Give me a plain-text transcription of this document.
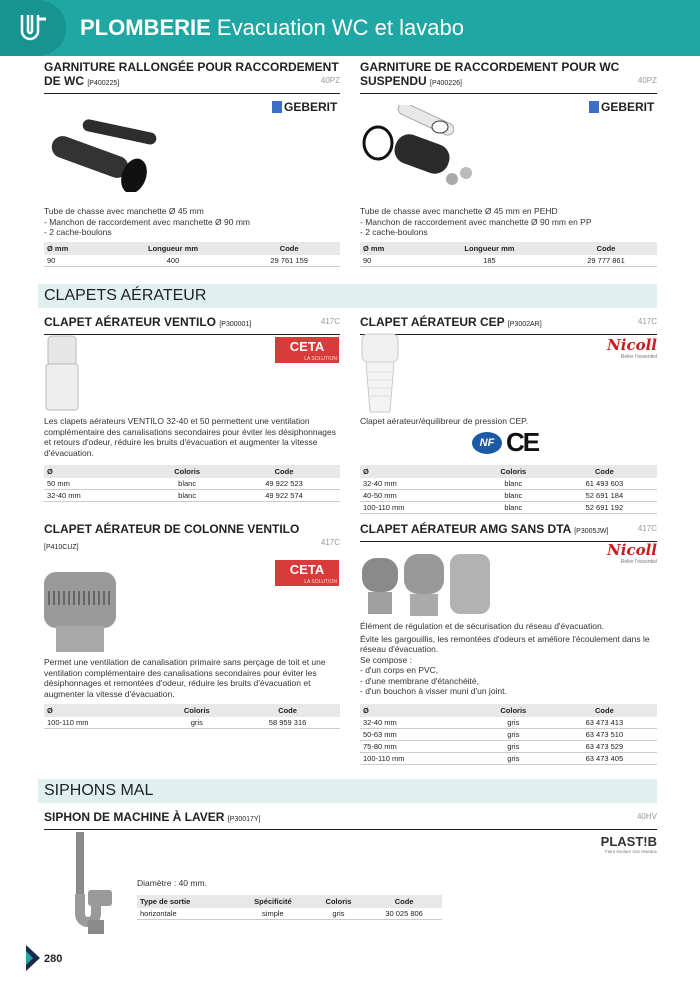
PLOMBERIE Evacuation WC et lavabo
GARNITURE RALLONGÉE POUR RACCORDEMENT DE WC [P400225]	40PZ
GEBERIT
Tube de chasse avec manchette Ø 45 mm
- Manchon de raccordement avec manchette Ø 90 mm
- 2 cache-boulons
Ø mm	Longueur mm	Code
90	400	29 761 159
GARNITURE DE RACCORDEMENT POUR WC SUSPENDU [P400226]	40PZ
GEBERIT
Tube de chasse avec manchette Ø 45 mm en PEHD
- Manchon de raccordement avec manchette Ø 90 mm en PP
- 2 cache-boulons
Ø mm	Longueur mm	Code
90	185	29 777 861
CLAPETS AÉRATEUR
CLAPET AÉRATEUR VENTILO [P300001]	417C
CETA
LA SOLUTION
Les clapets aérateurs VENTILO 32-40 et 50 permettent une ventilation complémentaire des canalisations secondaires pour éviter les désiphonnages et retours d'odeur, réduire les bruits d'évacuation et augmenter la vitesse d'évacuation.
Ø	Coloris	Code
50 mm	blanc	49 922 523
32-40 mm	blanc	49 922 574
CLAPET AÉRATEUR CEP [P3002AR]	417C
Nicoll
Relier l'essentiel
Clapet aérateur/équilibreur de pression CEP.
NF CE
Ø	Coloris	Code
32-40 mm	blanc	61 493 603
40-50 mm	blanc	52 691 184
100-110 mm	blanc	52 691 192
CLAPET AÉRATEUR DE COLONNE VENTILO
[P410CUZ]
417C
CETA
LA SOLUTION
Permet une ventilation de canalisation primaire sans perçage de toit et une ventilation complémentaire des canalisations secondaires pour éviter les désiphonnages et remontées d'odeur, réduire les bruits d'évacuation et augmenter la vitesse d'évacuation.
Ø	Coloris	Code
100-110 mm	gris	58 959 316
CLAPET AÉRATEUR AMG SANS DTA [P3005JW]	417C
Nicoll
Relier l'essentiel
Élément de régulation et de sécurisation du réseau d'évacuation.
Évite les gargouillis, les remontées d'odeurs et améliore l'écoulement dans le réseau d'évacuation.
Se compose :
- d'un corps en PVC,
- d'une membrane d'étanchéité,
- d'un bouchon à visser muni d'un joint.
Ø	Coloris	Code
32-40 mm	gris	63 473 413
50-63 mm	gris	63 473 510
75-80 mm	gris	63 473 529
100-110 mm	gris	63 473 405
SIPHONS MAL
SIPHON DE MACHINE À LAVER [P30017Y]	40HV
PLAST!B
Faire évoluer nos réseaux
Diamètre : 40 mm.
Type de sortie	Spécificité	Coloris	Code
horizontale	simple	gris	30 025 806
280
